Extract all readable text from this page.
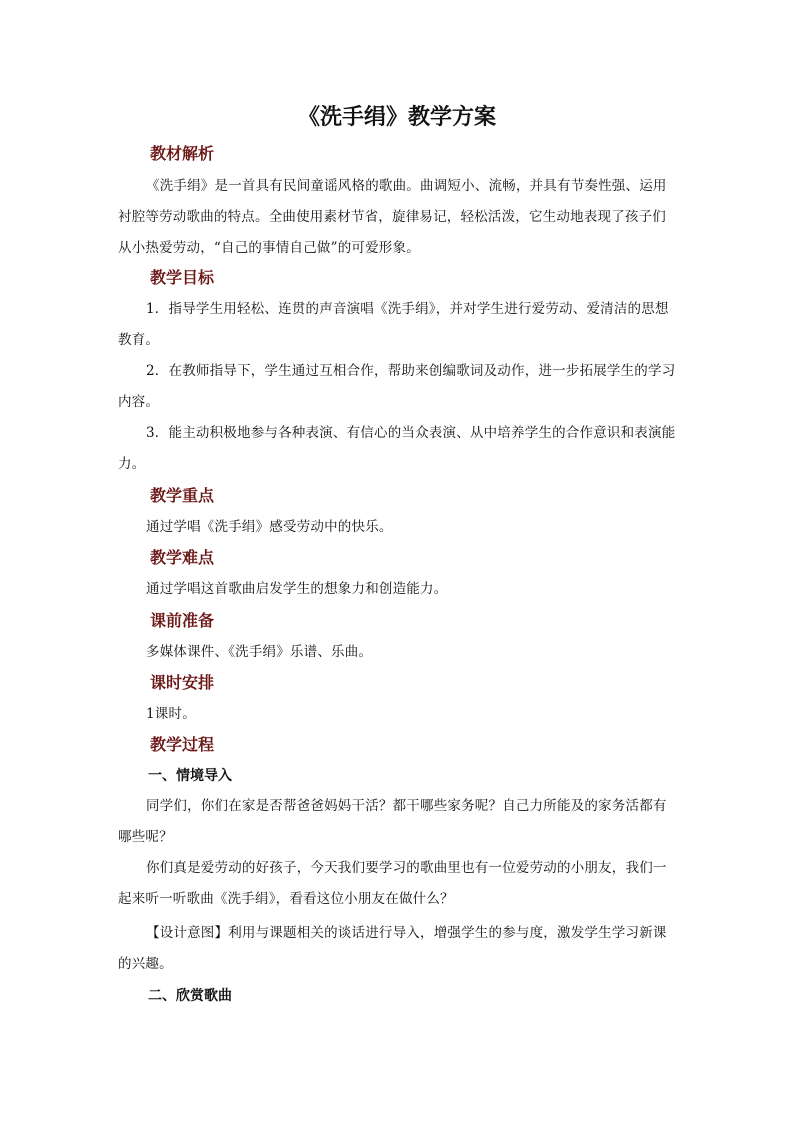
《洗手绢》教学方案
教材解析
《洗手绢》是一首具有民间童谣风格的歌曲。曲调短小、流畅，并具有节奏性强、运用衬腔等劳动歌曲的特点。全曲使用素材节省，旋律易记，轻松活泼，它生动地表现了孩子们从小热爱劳动，“自己的事情自己做”的可爱形象。
教学目标
1．指导学生用轻松、连贯的声音演唱《洗手绢》，并对学生进行爱劳动、爱清洁的思想教育。
2．在教师指导下，学生通过互相合作，帮助来创编歌词及动作，进一步拓展学生的学习内容。
3．能主动积极地参与各种表演、有信心的当众表演、从中培养学生的合作意识和表演能力。
教学重点
通过学唱《洗手绢》感受劳动中的快乐。
教学难点
通过学唱这首歌曲启发学生的想象力和创造能力。
课前准备
多媒体课件、《洗手绢》乐谱、乐曲。
课时安排
1课时。
教学过程
一、情境导入
同学们，你们在家是否帮爸爸妈妈干活？都干哪些家务呢？自己力所能及的家务活都有哪些呢？
你们真是爱劳动的好孩子，今天我们要学习的歌曲里也有一位爱劳动的小朋友，我们一起来听一听歌曲《洗手绢》，看看这位小朋友在做什么？
【设计意图】利用与课题相关的谈话进行导入，增强学生的参与度，激发学生学习新课的兴趣。
二、欣赏歌曲
